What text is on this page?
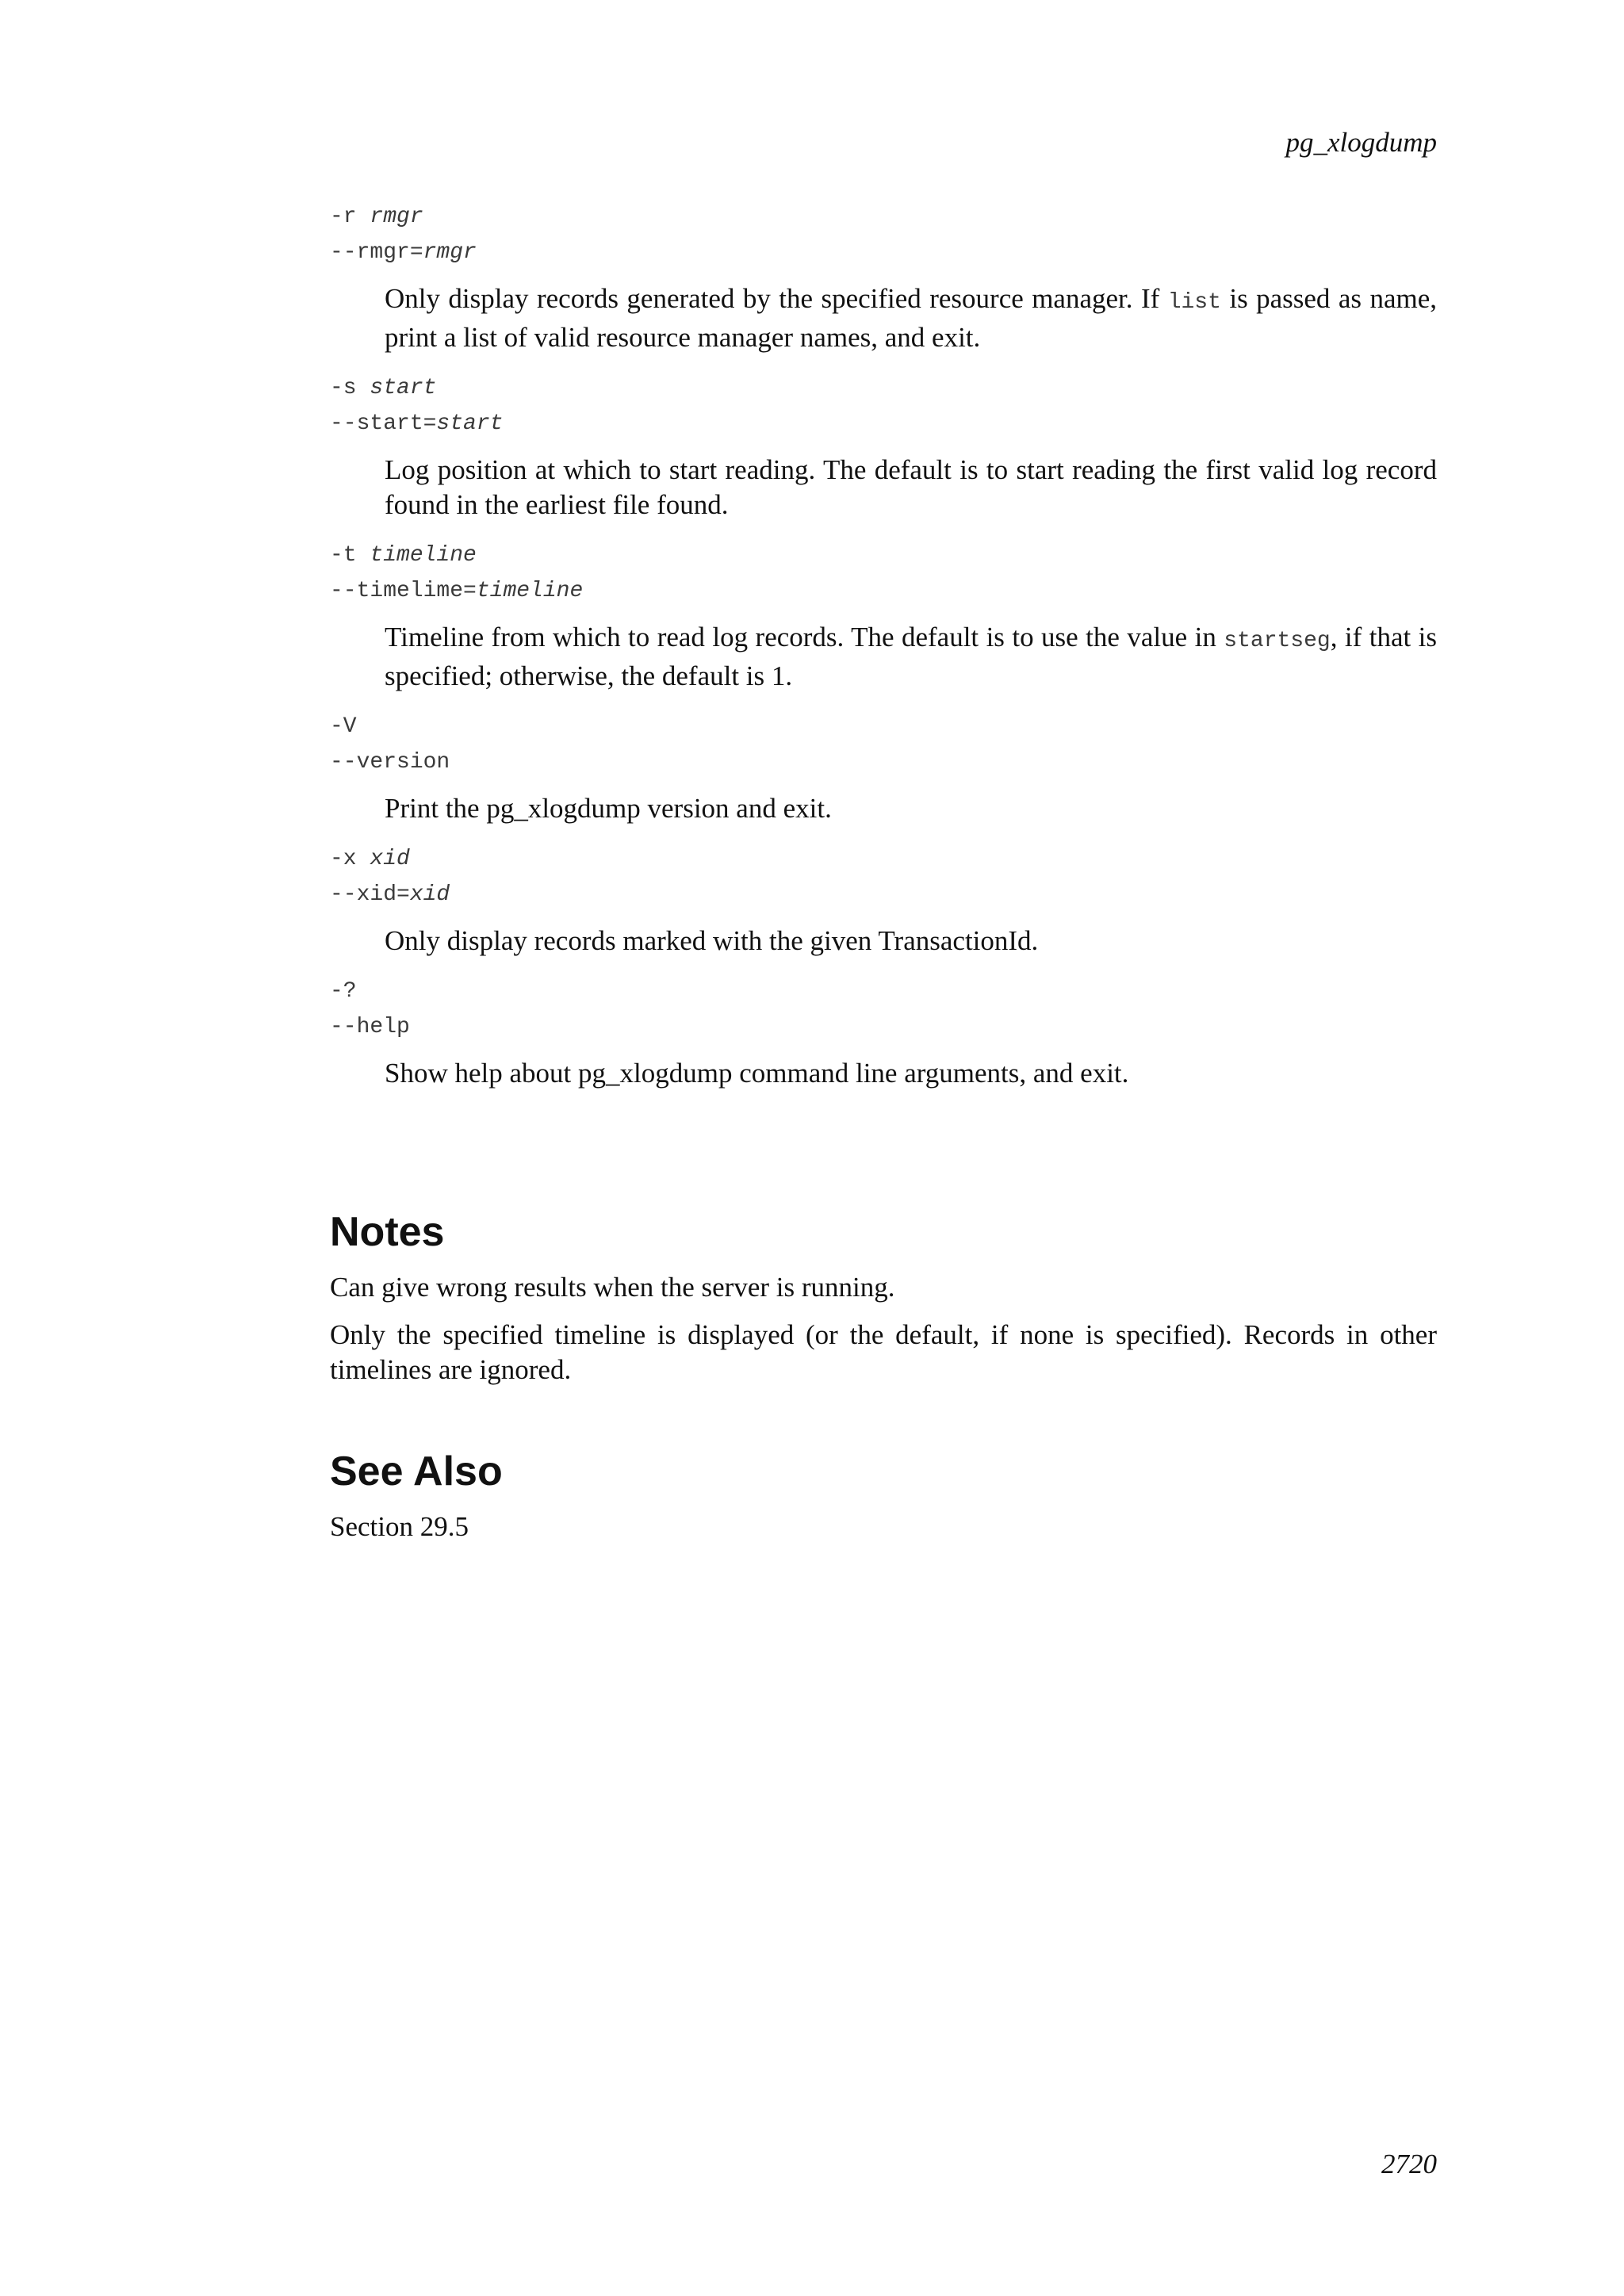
pg_xlogdump
-r rmgr
--rmgr=rmgr
Only display records generated by the specified resource manager. If list is passed as name, print a list of valid resource manager names, and exit.
-s start
--start=start
Log position at which to start reading. The default is to start reading the first valid log record found in the earliest file found.
-t timeline
--timelime=timeline
Timeline from which to read log records. The default is to use the value in startseg, if that is specified; otherwise, the default is 1.
-V
--version
Print the pg_xlogdump version and exit.
-x xid
--xid=xid
Only display records marked with the given TransactionId.
-?
--help
Show help about pg_xlogdump command line arguments, and exit.
Notes

Can give wrong results when the server is running.

Only the specified timeline is displayed (or the default, if none is specified). Records in other timelines are ignored.

See Also

Section 29.5

2720
